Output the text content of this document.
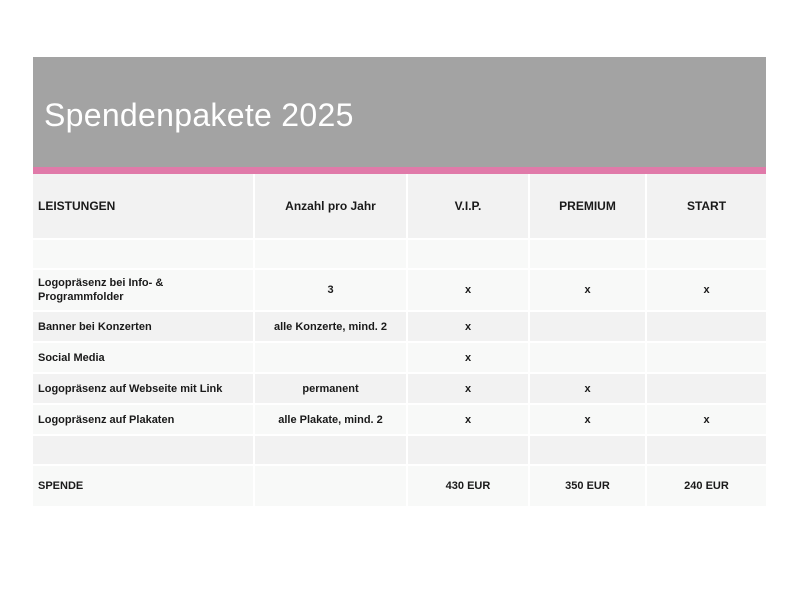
Spendenpakete 2025
LEISTUNGEN	Anzahl pro Jahr	V.I.P.	PREMIUM	START

Logopräsenz bei Info- & Programmfolder	3	x	x	x
Banner bei Konzerten	alle Konzerte, mind. 2	x		
Social Media		x		
Logopräsenz auf Webseite mit Link	permanent	x	x	
Logopräsenz auf Plakaten	alle Plakate, mind. 2	x	x	x

SPENDE		430 EUR	350 EUR	240 EUR
